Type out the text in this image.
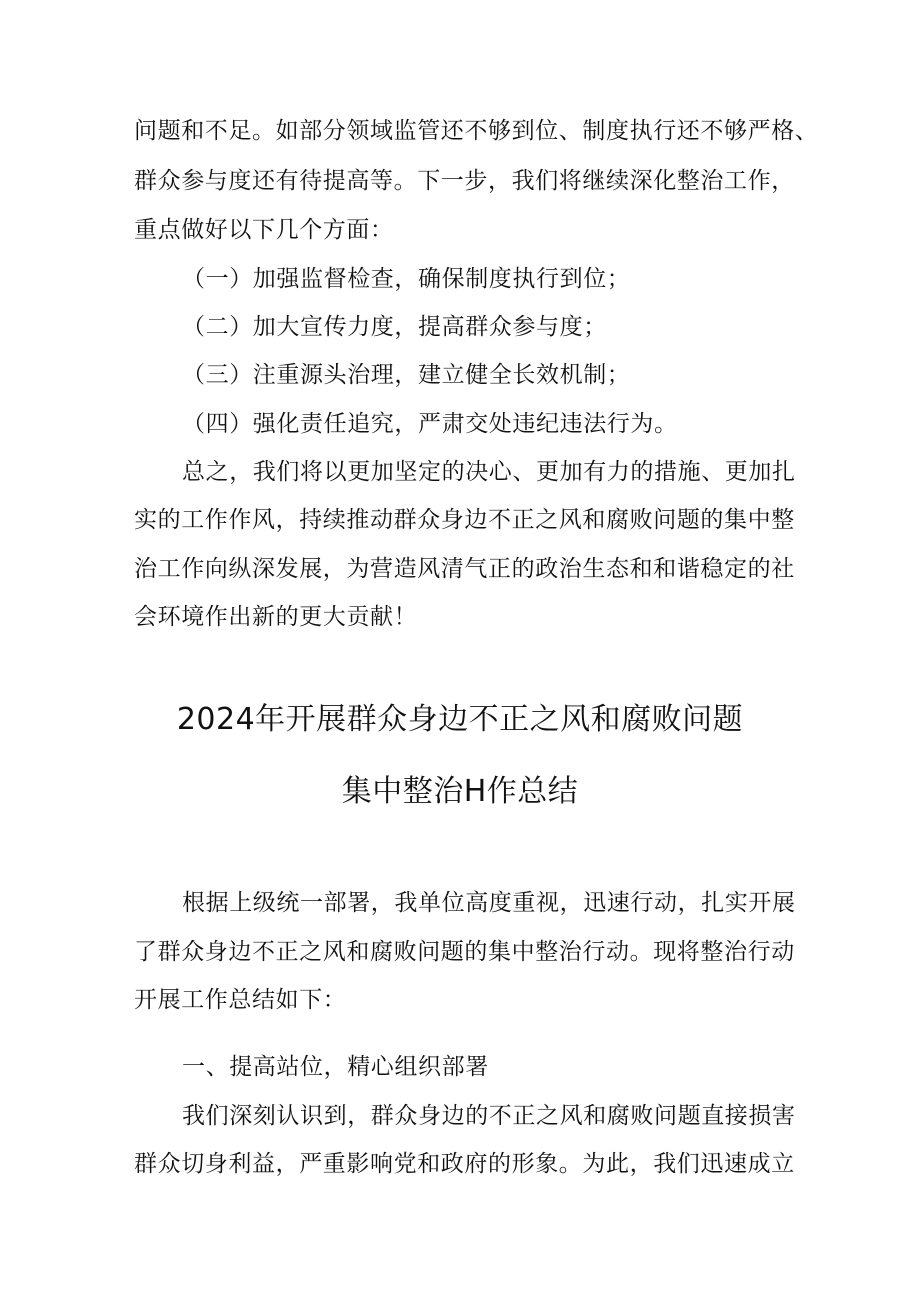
问题和不足。如部分领域监管还不够到位、制度执行还不够严格、
群众参与度还有待提高等。下一步，我们将继续深化整治工作，
重点做好以下几个方面：
（一）加强监督检查，确保制度执行到位；
（二）加大宣传力度，提高群众参与度；
（三）注重源头治理，建立健全长效机制；
（四）强化责任追究，严肃交处违纪违法行为。
总之，我们将以更加坚定的决心、更加有力的措施、更加扎
实的工作作风，持续推动群众身边不正之风和腐败问题的集中整
治工作向纵深发展，为营造风清气正的政治生态和和谐稳定的社
会环境作出新的更大贡献！
2024年开展群众身边不正之风和腐败问题
集中整治H作总结
根据上级统一部署，我单位高度重视，迅速行动，扎实开展
了群众身边不正之风和腐败问题的集中整治行动。现将整治行动
开展工作总结如下：
一、提高站位，精心组织部署
我们深刻认识到，群众身边的不正之风和腐败问题直接损害
群众切身利益，严重影响党和政府的形象。为此，我们迅速成立
